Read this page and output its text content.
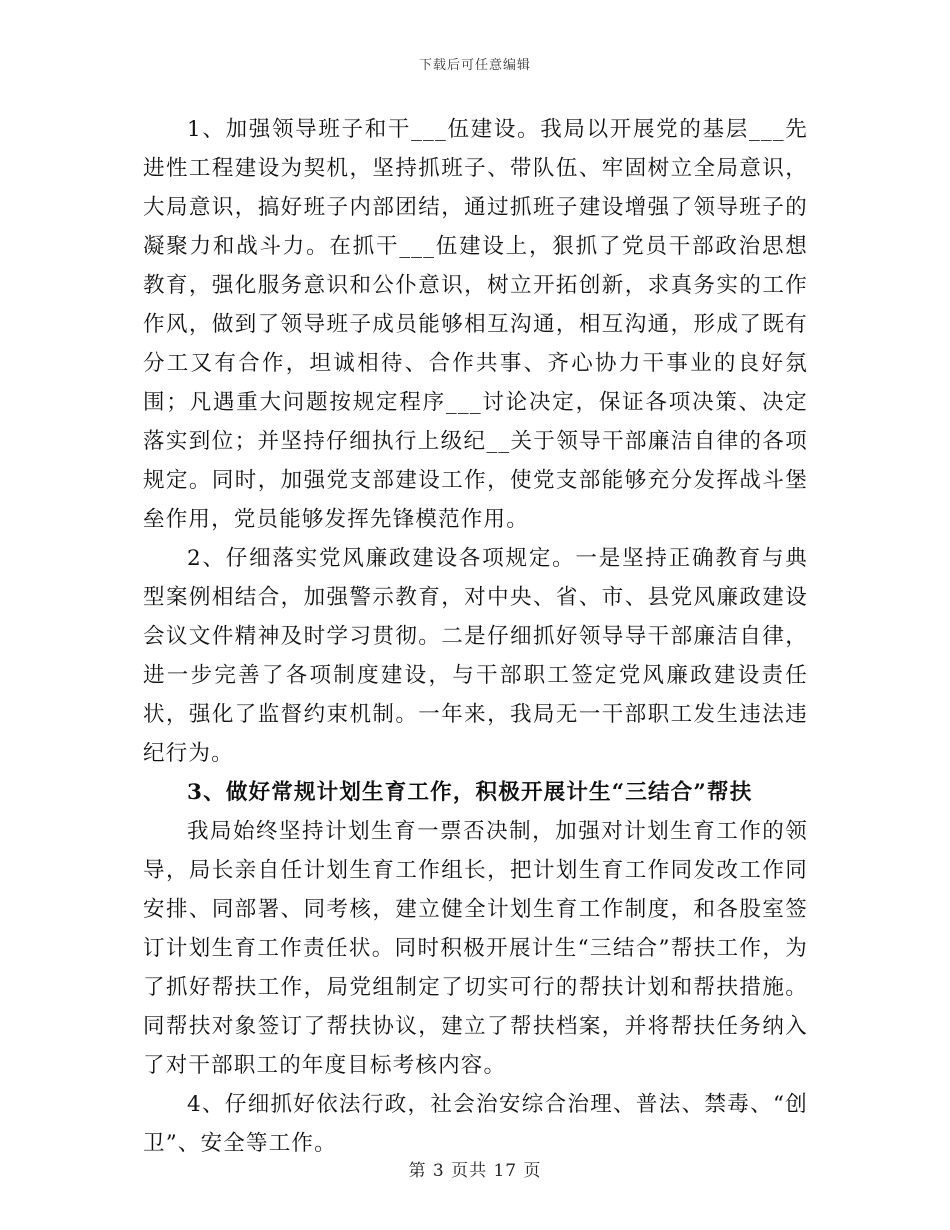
下载后可任意编辑

1、加强领导班子和干___伍建设。我局以开展党的基层___先进性工程建设为契机，坚持抓班子、带队伍、牢固树立全局意识，大局意识，搞好班子内部团结，通过抓班子建设增强了领导班子的凝聚力和战斗力。在抓干___伍建设上，狠抓了党员干部政治思想教育，强化服务意识和公仆意识，树立开拓创新，求真务实的工作作风，做到了领导班子成员能够相互沟通，相互沟通，形成了既有分工又有合作，坦诚相待、合作共事、齐心协力干事业的良好氛围；凡遇重大问题按规定程序___讨论决定，保证各项决策、决定落实到位；并坚持仔细执行上级纪__关于领导干部廉洁自律的各项规定。同时，加强党支部建设工作，使党支部能够充分发挥战斗堡垒作用，党员能够发挥先锋模范作用。

2、仔细落实党风廉政建设各项规定。一是坚持正确教育与典型案例相结合，加强警示教育，对中央、省、市、县党风廉政建设会议文件精神及时学习贯彻。二是仔细抓好领导导干部廉洁自律，进一步完善了各项制度建设，与干部职工签定党风廉政建设责任状，强化了监督约束机制。一年来，我局无一干部职工发生违法违纪行为。

3、做好常规计划生育工作，积极开展计生“三结合”帮扶

我局始终坚持计划生育一票否决制，加强对计划生育工作的领导，局长亲自任计划生育工作组长，把计划生育工作同发改工作同安排、同部署、同考核，建立健全计划生育工作制度，和各股室签订计划生育工作责任状。同时积极开展计生“三结合”帮扶工作，为了抓好帮扶工作，局党组制定了切实可行的帮扶计划和帮扶措施。同帮扶对象签订了帮扶协议，建立了帮扶档案，并将帮扶任务纳入了对干部职工的年度目标考核内容。

4、仔细抓好依法行政，社会治安综合治理、普法、禁毒、“创卫”、安全等工作。

第 3 页共 17 页
